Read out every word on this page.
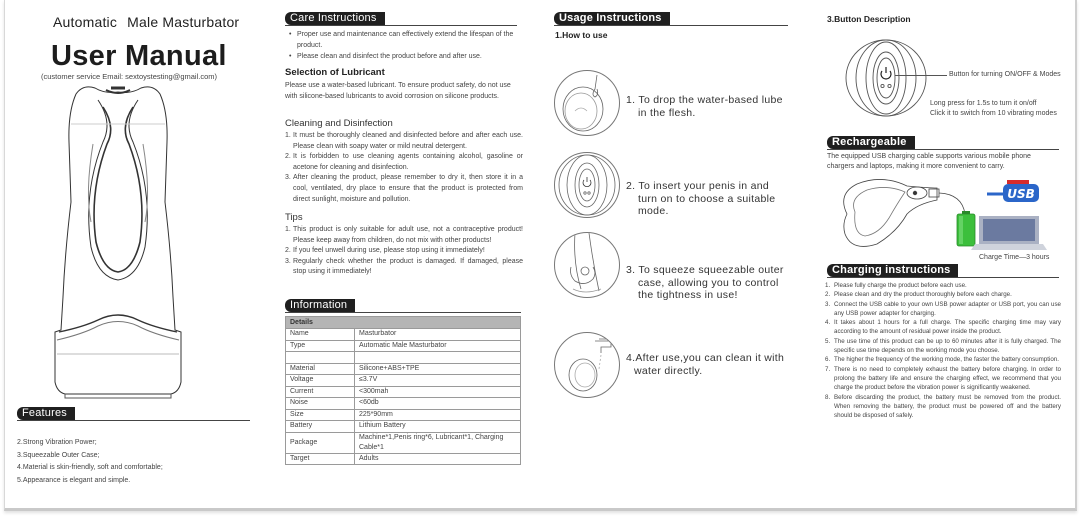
Automatic Male Masturbator
User Manual
(customer service Email: sextoystesting@gmail.com)
Features
2.Strong Vibration Power;
3.Squeezable Outer Case;
4.Material is skin-friendly, soft and comfortable;
5.Appearance is elegant and simple.
Care Instructions
• Proper use and maintenance can effectively extend the lifespan of the product.
• Please clean and disinfect the product before and after use.
Selection of Lubricant
Please use a water-based lubricant. To ensure product safety, do not use with silicone-based lubricants to avoid corrosion on silicone products.
Cleaning and Disinfection
1. It must be thoroughly cleaned and disinfected before and after each use. Please clean with soapy water or mild neutral detergent.
2. It is forbidden to use cleaning agents containing alcohol, gasoline or acetone for cleaning and disinfection.
3. After cleaning the product, please remember to dry it, then store it in a cool, ventilated, dry place to ensure that the product is protected from direct sunlight, moisture and pollution.
Tips
1. This product is only suitable for adult use, not a contraceptive product! Please keep away from children, do not mix with other products!
2. If you feel unwell during use, please stop using it immediately!
3. Regularly check whether the product is damaged. If damaged, please stop using it immediately!
Information
Details	
Name	Masturbator
Type	Automatic Male Masturbator

Material	Silicone+ABS+TPE
Voltage	≤3.7V
Current	<300mah
Noise	<60db
Size	225*90mm
Battery	Lithium Battery
Package	Machine*1,Penis ring*6, Lubricant*1, Charging Cable*1
Target	Adults
Usage Instructions
1.How to use
1. To drop the water-based lube
in the flesh.
2. To insert your penis in and
turn on to choose a suitable
mode.
3. To squeeze squeezable outer
case, allowing you to control
the tightness in use!
4.After use,you can clean it with
water directly.
3.Button Description
Button for turning ON/OFF & Modes
Long press for 1.5s to turn it on/off
Click it to switch from 10 vibrating modes
Rechargeable
The equipped USB charging cable supports various mobile phone chargers and laptops, making it more convenient to carry.
USB
Charge Time—3 hours
Charging instructions
1. Please fully charge the product before each use.
2. Please clean and dry the product thoroughly before each charge.
3. Connect the USB cable to your own USB power adapter or USB port, you can use any USB power adapter for charging.
4. It takes about 1 hours for a full charge. The specific charging time may vary according to the amount of residual power inside the product.
5. The use time of this product can be up to 60 minutes after it is fully charged. The specific use time depends on the working mode you choose.
6. The higher the frequency of the working mode, the faster the battery consumption.
7. There is no need to completely exhaust the battery before charging. In order to prolong the battery life and ensure the charging effect, we recommend that you charge the product before the vibration power is significantly weakened.
8. Before discarding the product, the battery must be removed from the product. When removing the battery, the product must be powered off and the battery should be disposed of safely.
